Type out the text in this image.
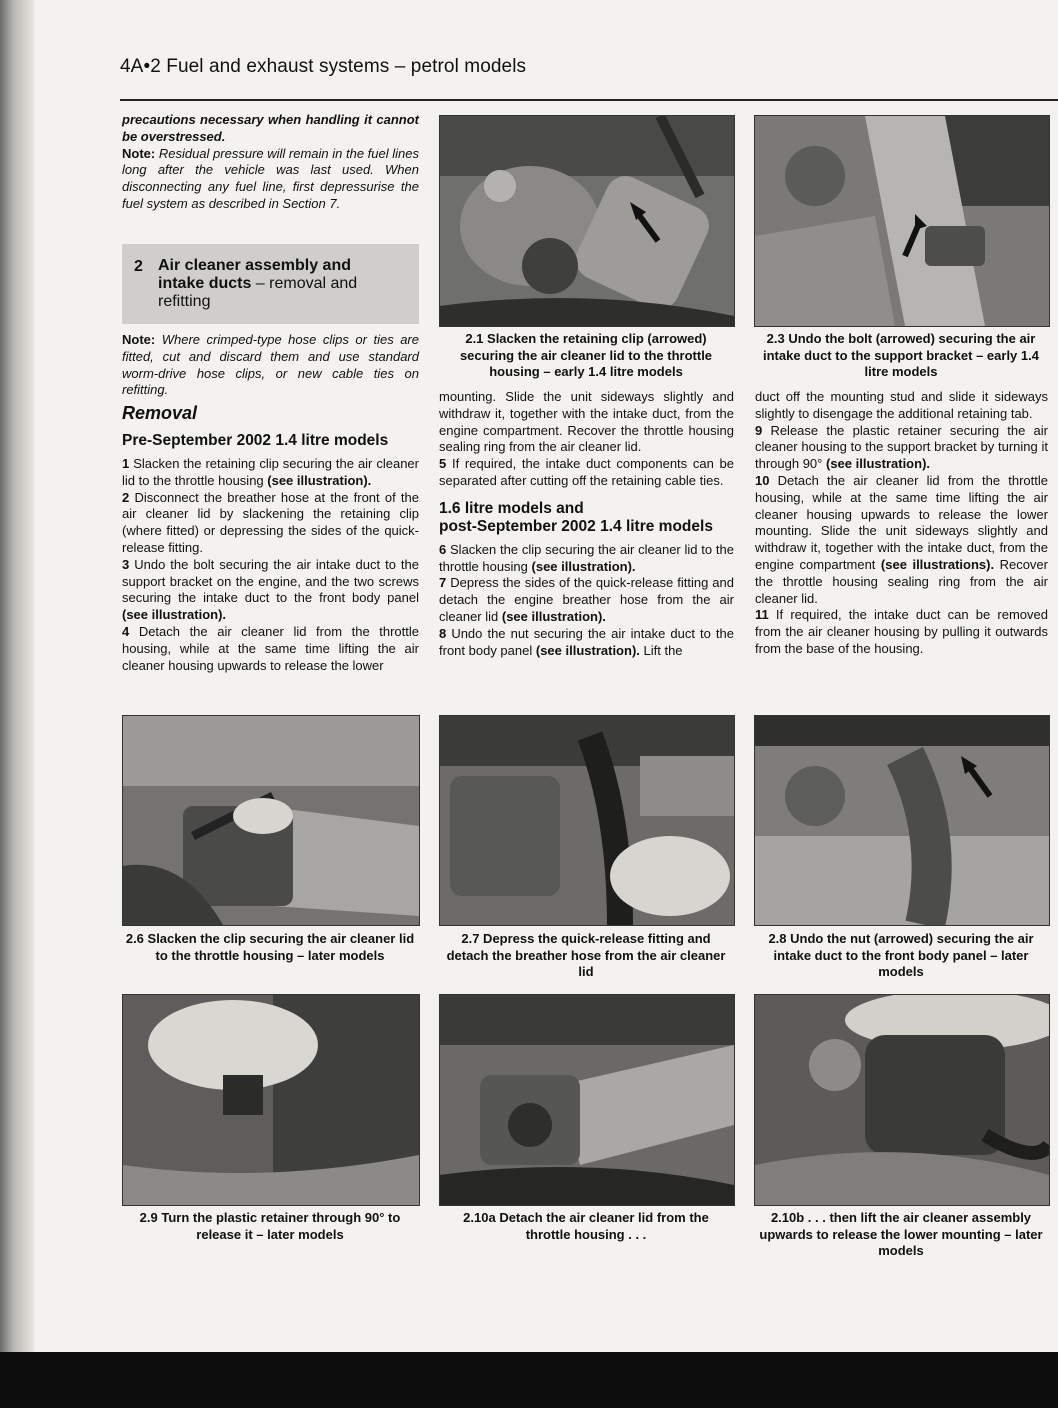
4A•2 Fuel and exhaust systems – petrol models

precautions necessary when handling it cannot be overstressed.

Note: Residual pressure will remain in the fuel lines long after the vehicle was last used. When disconnecting any fuel line, first depressurise the fuel system as described in Section 7.

2 Air cleaner assembly and intake ducts – removal and refitting

Note: Where crimped-type hose clips or ties are fitted, cut and discard them and use standard worm-drive hose clips, or new cable ties on refitting.

Removal
Pre-September 2002 1.4 litre models

1 Slacken the retaining clip securing the air cleaner lid to the throttle housing (see illustration).

2 Disconnect the breather hose at the front of the air cleaner lid by slackening the retaining clip (where fitted) or depressing the sides of the quick-release fitting.

3 Undo the bolt securing the air intake duct to the support bracket on the engine, and the two screws securing the intake duct to the front body panel (see illustration).

4 Detach the air cleaner lid from the throttle housing, while at the same time lifting the air cleaner housing upwards to release the lower

mounting. Slide the unit sideways slightly and withdraw it, together with the intake duct, from the engine compartment. Recover the throttle housing sealing ring from the air cleaner lid.

5 If required, the intake duct components can be separated after cutting off the retaining cable ties.

1.6 litre models and
post-September 2002 1.4 litre models

6 Slacken the clip securing the air cleaner lid to the throttle housing (see illustration).

7 Depress the sides of the quick-release fitting and detach the engine breather hose from the air cleaner lid (see illustration).

8 Undo the nut securing the air intake duct to the front body panel (see illustration). Lift the

duct off the mounting stud and slide it sideways slightly to disengage the additional retaining tab.

9 Release the plastic retainer securing the air cleaner housing to the support bracket by turning it through 90° (see illustration).

10 Detach the air cleaner lid from the throttle housing, while at the same time lifting the air cleaner housing upwards to release the lower mounting. Slide the unit sideways slightly and withdraw it, together with the intake duct, from the engine compartment (see illustrations). Recover the throttle housing sealing ring from the air cleaner lid.

11 If required, the intake duct can be removed from the air cleaner housing by pulling it outwards from the base of the housing.

2.1 Slacken the retaining clip (arrowed) securing the air cleaner lid to the throttle housing – early 1.4 litre models
2.3 Undo the bolt (arrowed) securing the air intake duct to the support bracket – early 1.4 litre models
2.6 Slacken the clip securing the air cleaner lid to the throttle housing – later models
2.7 Depress the quick-release fitting and detach the breather hose from the air cleaner lid
2.8 Undo the nut (arrowed) securing the air intake duct to the front body panel – later models
2.9 Turn the plastic retainer through 90° to release it – later models
2.10a Detach the air cleaner lid from the throttle housing . . .
2.10b . . . then lift the air cleaner assembly upwards to release the lower mounting – later models
